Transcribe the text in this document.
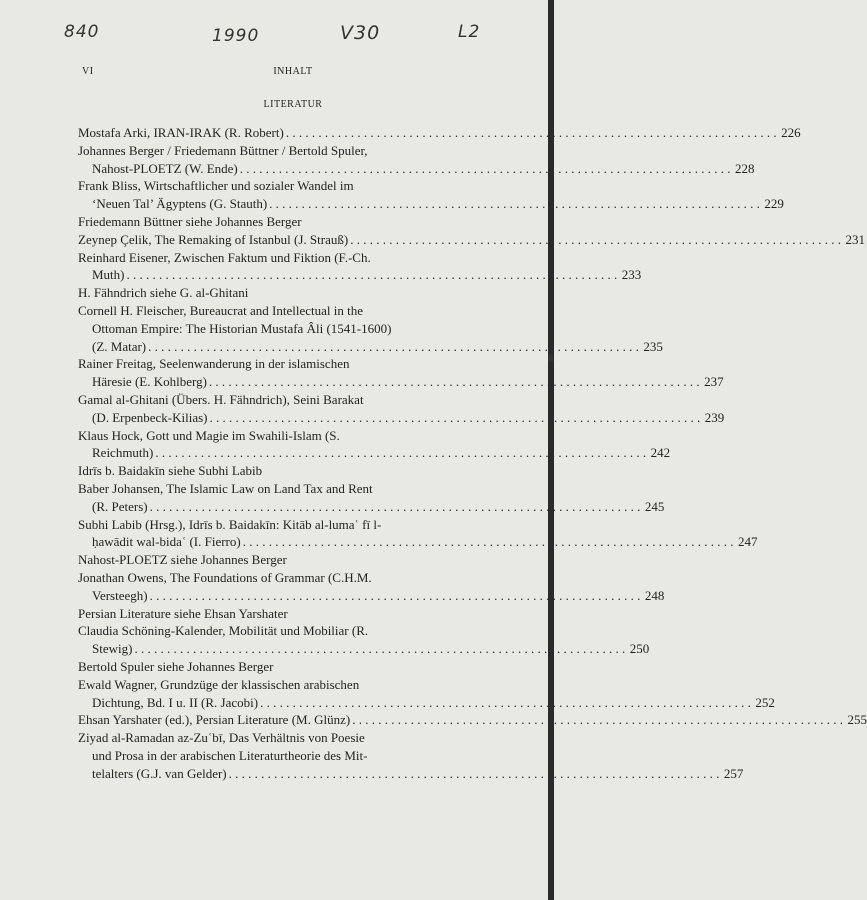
840	1990	V30	L2
INHALT
VI
LITERATUR
Mostafa Arki, IRAN-IRAK (R. Robert) . . .	226
Johannes Berger / Friedemann Büttner / Bertold Spuler,
Nahost-PLOETZ (W. Ende) . . .	228
Frank Bliss, Wirtschaftlicher und sozialer Wandel im
‘Neuen Tal’ Ägyptens (G. Stauth) . . .	229
Friedemann Büttner siehe Johannes Berger
Zeynep Çelik, The Remaking of Istanbul (J. Strauß) . . .	231
Reinhard Eisener, Zwischen Faktum und Fiktion (F.-Ch.
Muth) . . .	233
H. Fähndrich siehe G. al-Ghitani
Cornell H. Fleischer, Bureaucrat and Intellectual in the
Ottoman Empire: The Historian Mustafa Âli (1541-1600)
(Z. Matar) . . .	235
Rainer Freitag, Seelenwanderung in der islamischen
Häresie (E. Kohlberg) . . .	237
Gamal al-Ghitani (Übers. H. Fähndrich), Seini Barakat
(D. Erpenbeck-Kilias) . . .	239
Klaus Hock, Gott und Magie im Swahili-Islam (S.
Reichmuth) . . .	242
Idrīs b. Baidakīn siehe Subhi Labib
Baber Johansen, The Islamic Law on Land Tax and Rent
(R. Peters) . . .	245
Subhi Labib (Hrsg.), Idrīs b. Baidakīn: Kitāb al-lumaʿ fī l-
ḥawādit wal-bidaʿ (I. Fierro) . . .	247
Nahost-PLOETZ siehe Johannes Berger
Jonathan Owens, The Foundations of Grammar (C.H.M.
Versteegh) . . .	248
Persian Literature siehe Ehsan Yarshater
Claudia Schöning-Kalender, Mobilität und Mobiliar (R.
Stewig) . . .	250
Bertold Spuler siehe Johannes Berger
Ewald Wagner, Grundzüge der klassischen arabischen
Dichtung, Bd. I u. II (R. Jacobi) . . .	252
Ehsan Yarshater (ed.), Persian Literature (M. Glünz) . . .	255
Ziyad al-Ramadan az-Zuʿbī, Das Verhältnis von Poesie
und Prosa in der arabischen Literaturtheorie des Mit-
telalters (G.J. van Gelder) . . .	257
